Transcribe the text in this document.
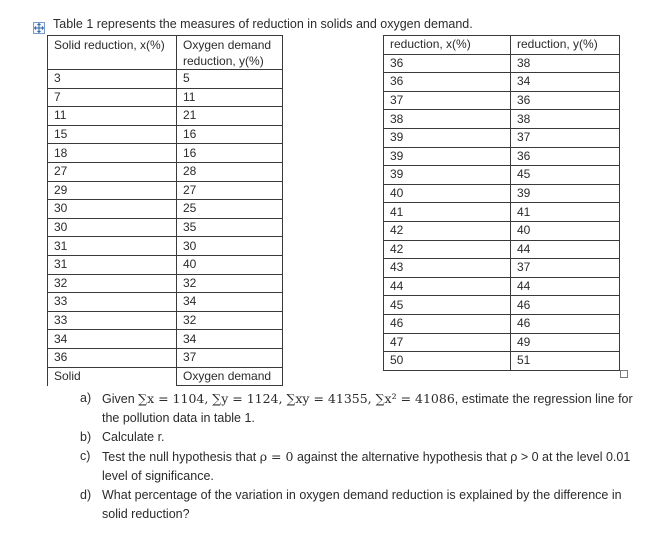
Table 1 represents the measures of reduction in solids and oxygen demand.
Solid reduction, x(%)	Oxygen demand reduction, y(%)
3	5
7	11
11	21
15	16
18	16
27	28
29	27
30	25
30	35
31	30
31	40
32	32
33	34
33	32
34	34
36	37
Solid	Oxygen demand
reduction, x(%)	reduction, y(%)
36	38
36	34
37	36
38	38
39	37
39	36
39	45
40	39
41	41
42	40
42	44
43	37
44	44
45	46
46	46
47	49
50	51
a) Given ∑x = 1104, ∑y = 1124, ∑xy = 41355, ∑x² = 41086, estimate the regression line for the pollution data in table 1.
b) Calculate r.
c) Test the null hypothesis that ρ = 0 against the alternative hypothesis that ρ > 0 at the level 0.01 level of significance.
d) What percentage of the variation in oxygen demand reduction is explained by the difference in solid reduction?
